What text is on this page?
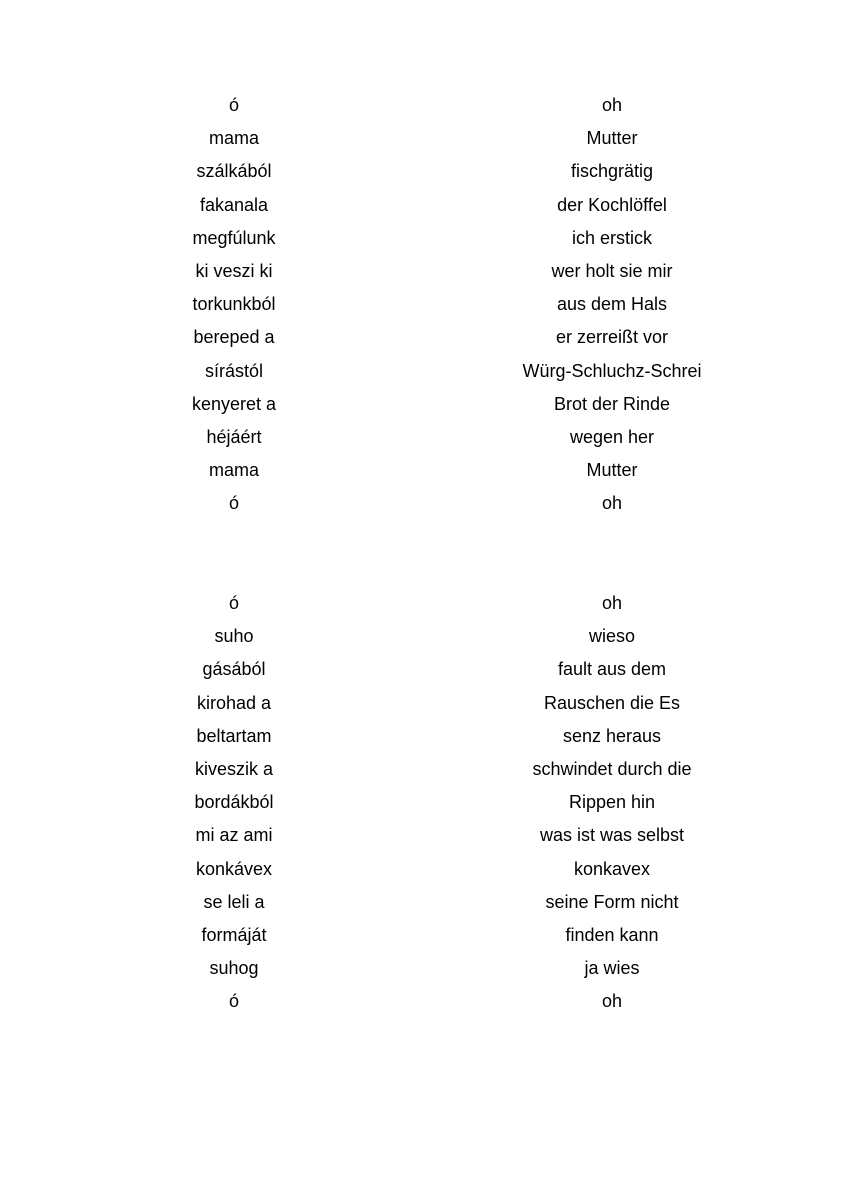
ó	oh
mama	Mutter
szálkából	fischgrätig
fakanala	der Kochlöffel
megfúlunk	ich erstick
ki veszi ki	wer holt sie mir
torkunkból	aus dem Hals
bereped a	er zerreißt vor
sírástól	Würg-Schluchz-Schrei
kenyeret a	Brot der Rinde
héjáért	wegen her
mama	Mutter
ó	oh
ó	oh
suho	wieso
gásából	fault aus dem
kirohad a	Rauschen die Es
beltartam	senz heraus
kiveszik a	schwindet durch die
bordákból	Rippen hin
mi az ami	was ist was selbst
konkávex	konkavex
se leli a	seine Form nicht
formáját	finden kann
suhog	ja wies
ó	oh
